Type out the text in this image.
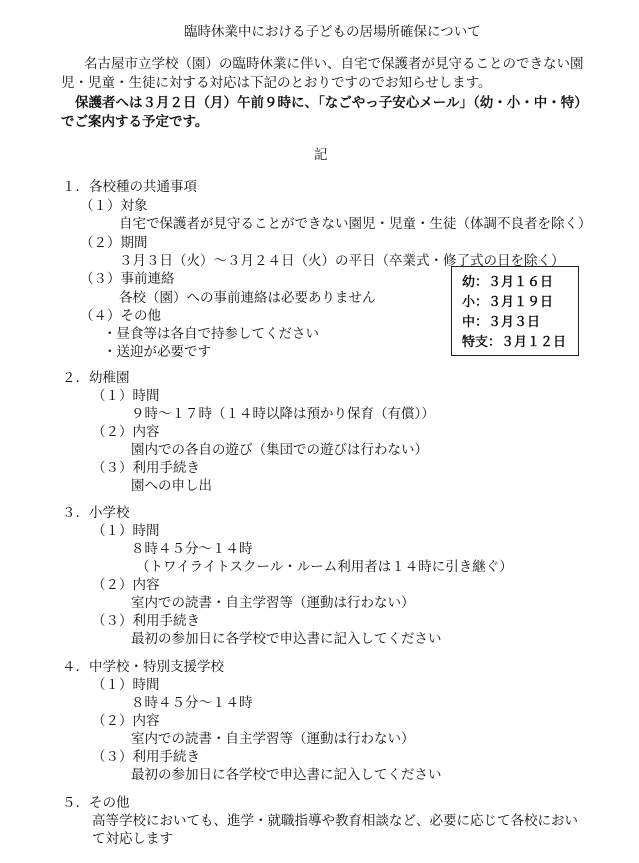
臨時休業中における子どもの居場所確保について
名古屋市立学校（園）の臨時休業に伴い、自宅で保護者が見守ることのできない園
児・児童・生徒に対する対応は下記のとおりですのでお知らせします。
保護者へは３月２日（月）午前９時に、「なごやっ子安心メール」（幼・小・中・特）
でご案内する予定です。
記
１．各校種の共通事項
（１）対象
自宅で保護者が見守ることができない園児・児童・生徒（体調不良者を除く）
（２）期間
３月３日（火）～３月２４日（火）の平日（卒業式・修了式の日を除く）
（３）事前連絡
各校（園）への事前連絡は必要ありません
（４）その他
・昼食等は各自で持参してください
・送迎が必要です
幼：３月１６日
小：３月１９日
中：３月３日
特支：３月１２日
２．幼稚園
（１）時間
９時～１７時（１４時以降は預かり保育（有償））
（２）内容
園内での各自の遊び（集団での遊びは行わない）
（３）利用手続き
園への申し出
３．小学校
（１）時間
８時４５分～１４時
（トワイライトスクール・ルーム利用者は１４時に引き継ぐ）
（２）内容
室内での読書・自主学習等（運動は行わない）
（３）利用手続き
最初の参加日に各学校で申込書に記入してください
４．中学校・特別支援学校
（１）時間
８時４５分～１４時
（２）内容
室内での読書・自主学習等（運動は行わない）
（３）利用手続き
最初の参加日に各学校で申込書に記入してください
５．その他
高等学校においても、進学・就職指導や教育相談など、必要に応じて各校におい
て対応します
